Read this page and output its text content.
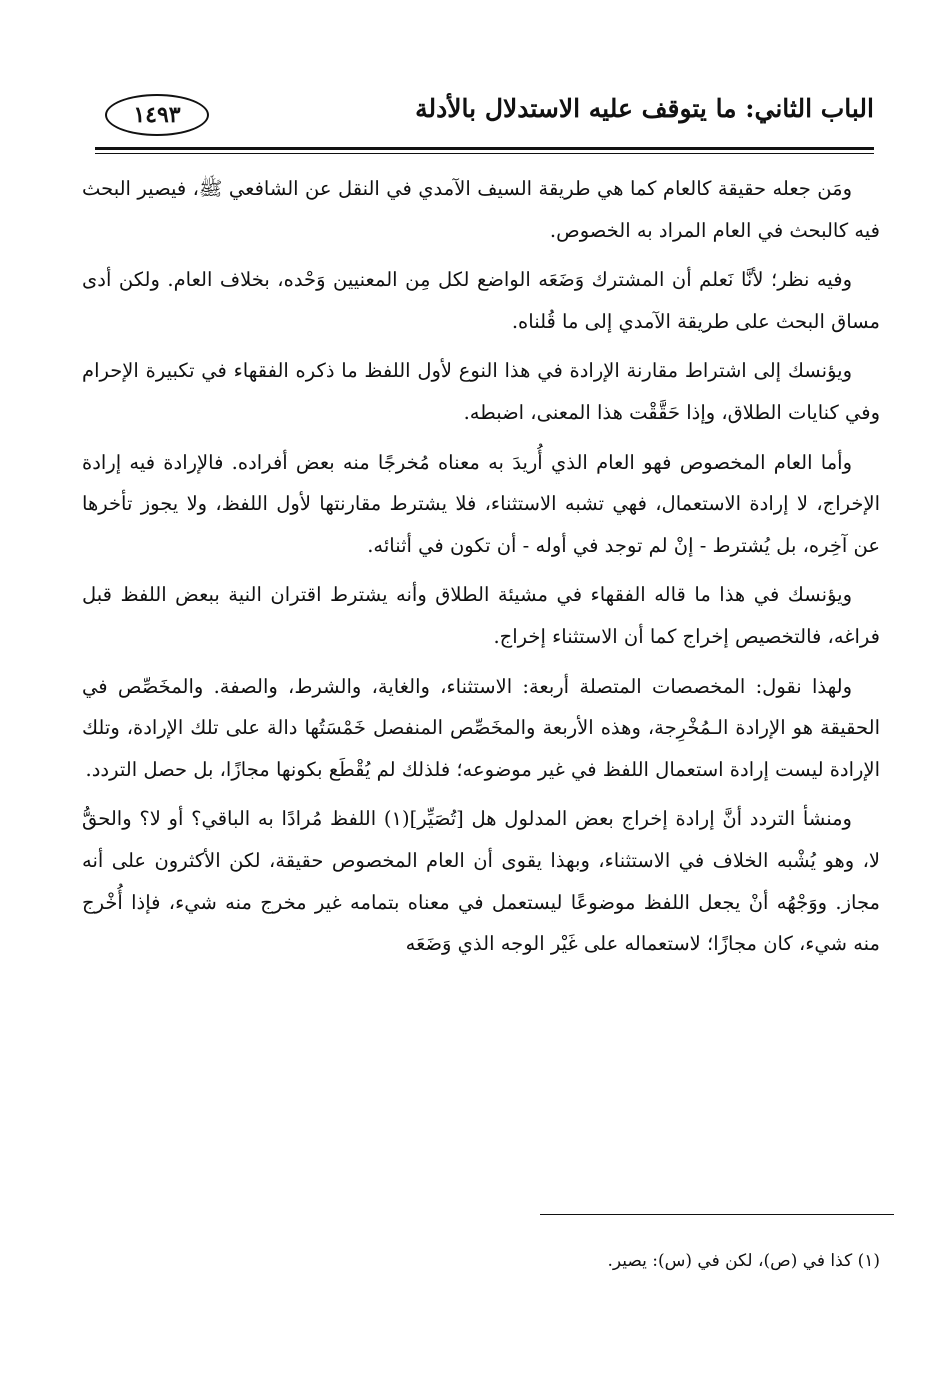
الباب الثاني: ما يتوقف عليه الاستدلال بالأدلة
١٤٩٣

ومَن جعله حقيقة كالعام كما هي طريقة السيف الآمدي في النقل عن الشافعي ﷺ، فيصير البحث فيه كالبحث في العام المراد به الخصوص.

وفيه نظر؛ لأنَّا نَعلم أن المشترك وَضَعَه الواضع لكل مِن المعنيين وَحْده، بخلاف العام. ولكن أدى مساق البحث على طريقة الآمدي إلى ما قُلناه.

ويؤنسك إلى اشتراط مقارنة الإرادة في هذا النوع لأول اللفظ ما ذكره الفقهاء في تكبيرة الإحرام وفي كنايات الطلاق، وإذا حَقَّقْت هذا المعنى، اضبطه.

وأما العام المخصوص فهو العام الذي أُريدَ به معناه مُخرجًا منه بعض أفراده. فالإرادة فيه إرادة الإخراج، لا إرادة الاستعمال، فهي تشبه الاستثناء، فلا يشترط مقارنتها لأول اللفظ، ولا يجوز تأخرها عن آخِره، بل يُشترط - إنْ لم توجد في أوله - أن تكون في أثنائه.

ويؤنسك في هذا ما قاله الفقهاء في مشيئة الطلاق وأنه يشترط اقتران النية ببعض اللفظ قبل فراغه، فالتخصيص إخراج كما أن الاستثناء إخراج.

ولهذا نقول: المخصصات المتصلة أربعة: الاستثناء، والغاية، والشرط، والصفة. والمخَصِّص في الحقيقة هو الإرادة الـمُخْرِجة، وهذه الأربعة والمخَصِّص المنفصل خَمْسَتُها دالة على تلك الإرادة، وتلك الإرادة ليست إرادة استعمال اللفظ في غير موضوعه؛ فلذلك لم يُقْطَع بكونها مجازًا، بل حصل التردد.

ومنشأ التردد أنَّ إرادة إخراج بعض المدلول هل [تُصَيِّر](١) اللفظ مُرادًا به الباقي؟ أو لا؟ والحقُّ لا، وهو يُشْبه الخلاف في الاستثناء، وبهذا يقوى أن العام المخصوص حقيقة، لكن الأكثرون على أنه مجاز. ووَجْهُه أنْ يجعل اللفظ موضوعًا ليستعمل في معناه بتمامه غير مخرج منه شيء، فإذا أُخْرج منه شيء، كان مجازًا؛ لاستعماله على غَيْر الوجه الذي وَضَعَه

(١) كذا في (ص)، لكن في (س): يصير.
